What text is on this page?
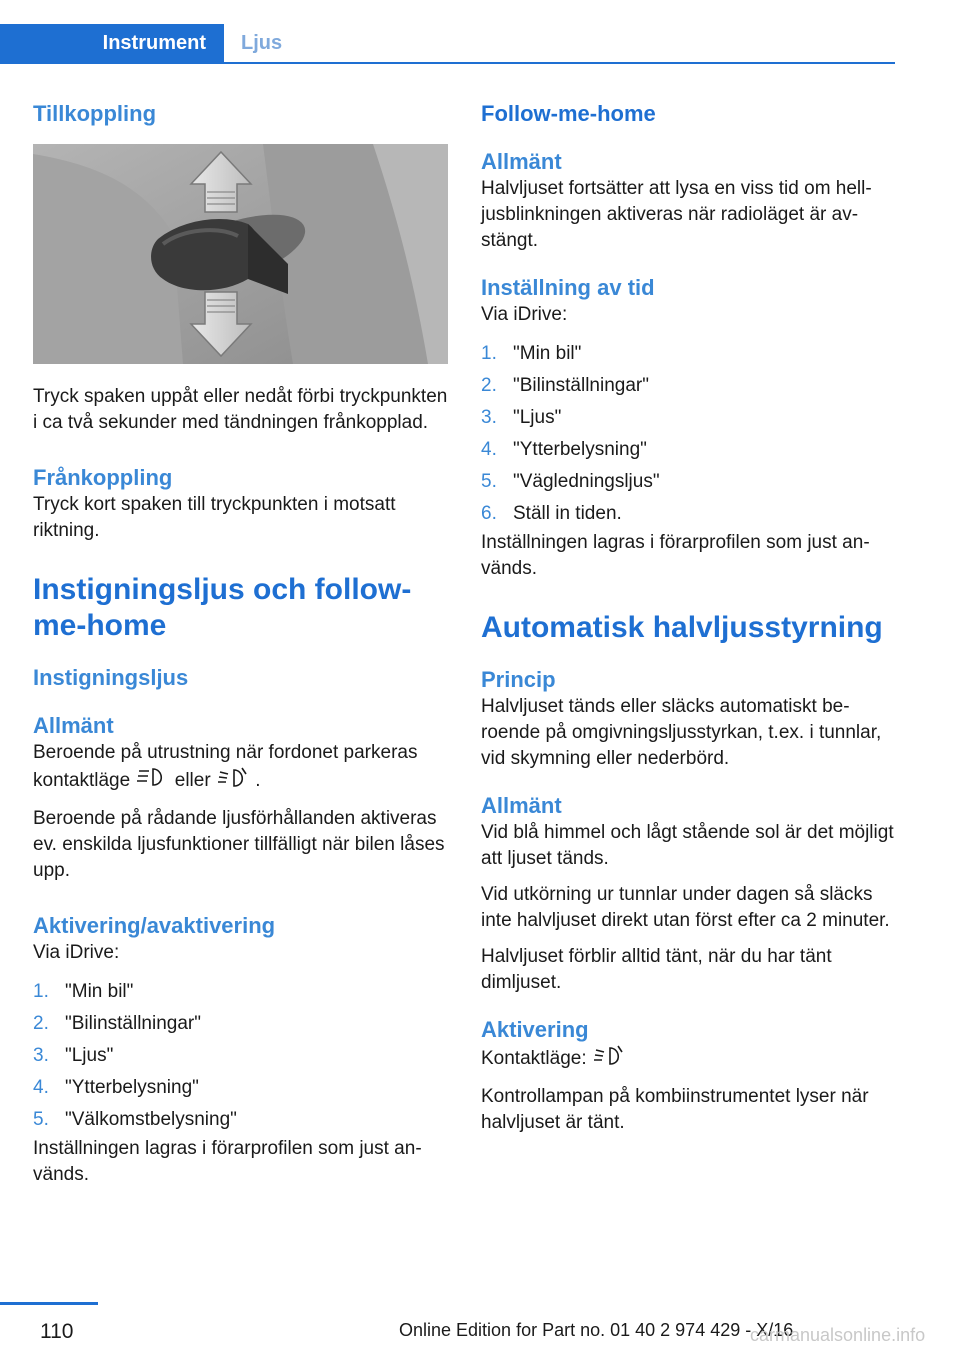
Instrument Ljus
Tillkoppling

Tryck spaken uppåt eller nedåt förbi tryckpunkten i ca två sekunder med tändningen frånkopplad.

Frånkoppling

Tryck kort spaken till tryckpunkten i motsatt riktning.

Instigningsljus och follow-me-home
Instigningsljus
Allmänt

Beroende på utrustning när fordonet parkeras kontaktläge eller .

Beroende på rådande ljusförhållanden aktiveras ev. enskilda ljusfunktioner tillfälligt när bilen låses upp.

Aktivering/avaktivering

Via iDrive:

1. "Min bil"
2. "Bilinställningar"
3. "Ljus"
4. "Ytterbelysning"
5. "Välkomstbelysning"

Inställningen lagras i förarprofilen som just används.

Follow-me-home
Allmänt

Halvljuset fortsätter att lysa en viss tid om helljusblinkningen aktiveras när radioläget är avstängt.

Inställning av tid

Via iDrive:

1. "Min bil"
2. "Bilinställningar"
3. "Ljus"
4. "Ytterbelysning"
5. "Vägledningsljus"
6. Ställ in tiden.

Inställningen lagras i förarprofilen som just används.

Automatisk halvljusstyrning
Princip

Halvljuset tänds eller släcks automatiskt beroende på omgivningsljusstyrkan, t.ex. i tunnlar, vid skymning eller nederbörd.

Allmänt

Vid blå himmel och lågt stående sol är det möjligt att ljuset tänds.

Vid utkörning ur tunnlar under dagen så släcks inte halvljuset direkt utan först efter ca 2 minuter.

Halvljuset förblir alltid tänt, när du har tänt dimljuset.

Aktivering

Kontaktläge:

Kontrollampan på kombiinstrumentet lyser när halvljuset är tänt.

110	Online Edition for Part no. 01 40 2 974 429 - X/16
carmanualsonline.info
